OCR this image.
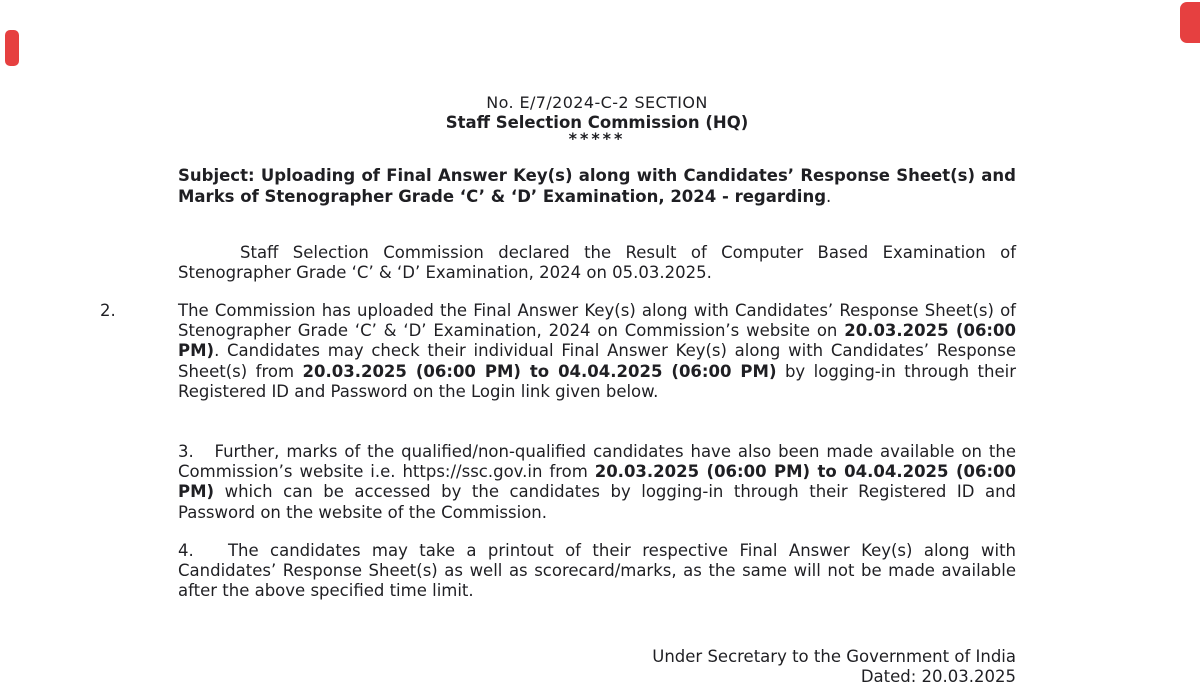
No. E/7/2024-C-2 SECTION
Staff Selection Commission (HQ)
*****
Subject: Uploading of Final Answer Key(s) along with Candidates’ Response Sheet(s) and Marks of Stenographer Grade ‘C’ & ‘D’ Examination, 2024 - regarding.
Staff Selection Commission declared the Result of Computer Based Examination of Stenographer Grade ‘C’ & ‘D’ Examination, 2024 on 05.03.2025.
2.	The Commission has uploaded the Final Answer Key(s) along with Candidates’ Response Sheet(s) of Stenographer Grade ‘C’ & ‘D’ Examination, 2024 on Commission’s website on 20.03.2025 (06:00 PM). Candidates may check their individual Final Answer Key(s) along with Candidates’ Response Sheet(s) from 20.03.2025 (06:00 PM) to 04.04.2025 (06:00 PM) by logging-in through their Registered ID and Password on the Login link given below.
3.   Further, marks of the qualified/non-qualified candidates have also been made available on the Commission’s website i.e. https://ssc.gov.in from 20.03.2025 (06:00 PM) to 04.04.2025 (06:00 PM) which can be accessed by the candidates by logging-in through their Registered ID and Password on the website of the Commission.
4.   The candidates may take a printout of their respective Final Answer Key(s) along with Candidates’ Response Sheet(s) as well as scorecard/marks, as the same will not be made available after the above specified time limit.
Under Secretary to the Government of India
Dated: 20.03.2025
